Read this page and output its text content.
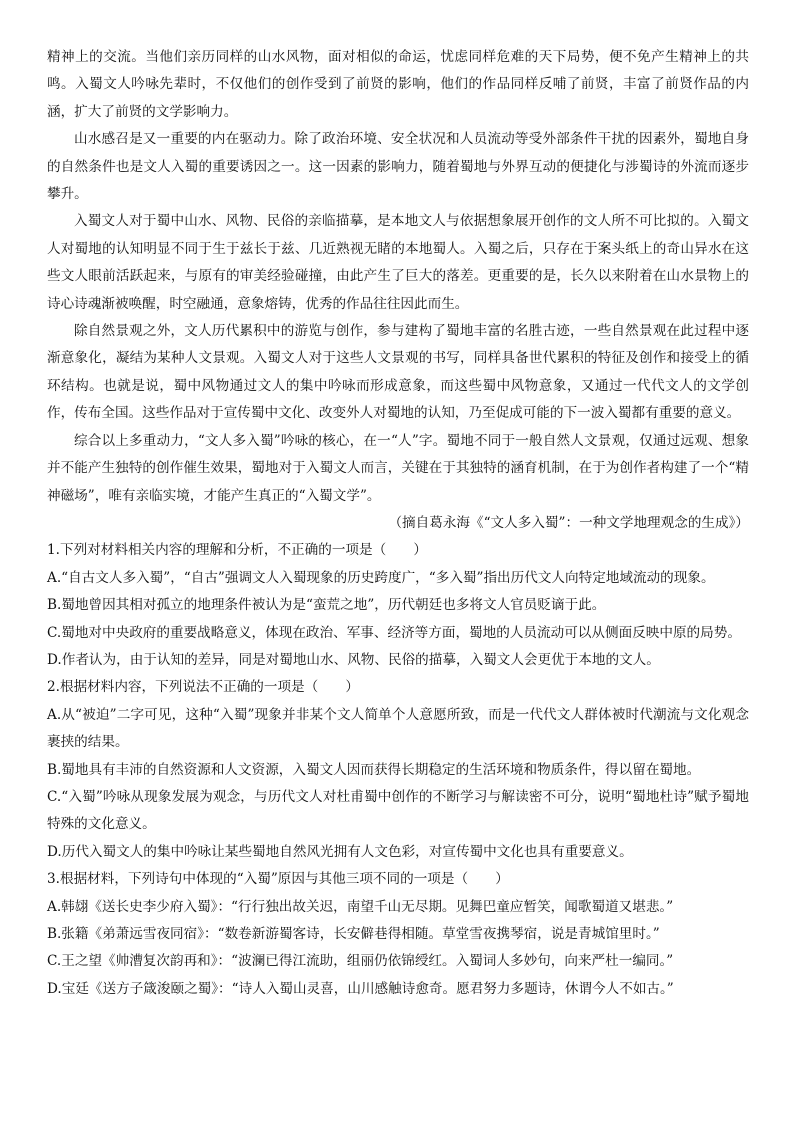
精神上的交流。当他们亲历同样的山水风物，面对相似的命运，忧虑同样危难的天下局势，便不免产生精神上的共鸣。入蜀文人吟咏先辈时，不仅他们的创作受到了前贤的影响，他们的作品同样反哺了前贤，丰富了前贤作品的内涵，扩大了前贤的文学影响力。

山水感召是又一重要的内在驱动力。除了政治环境、安全状况和人员流动等受外部条件干扰的因素外，蜀地自身的自然条件也是文人入蜀的重要诱因之一。这一因素的影响力，随着蜀地与外界互动的便捷化与涉蜀诗的外流而逐步攀升。

入蜀文人对于蜀中山水、风物、民俗的亲临描摹，是本地文人与依据想象展开创作的文人所不可比拟的。入蜀文人对蜀地的认知明显不同于生于兹长于兹、几近熟视无睹的本地蜀人。入蜀之后，只存在于案头纸上的奇山异水在这些文人眼前活跃起来，与原有的审美经验碰撞，由此产生了巨大的落差。更重要的是，长久以来附着在山水景物上的诗心诗魂渐被唤醒，时空融通，意象熔铸，优秀的作品往往因此而生。

除自然景观之外，文人历代累积中的游览与创作，参与建构了蜀地丰富的名胜古迹，一些自然景观在此过程中逐渐意象化，凝结为某种人文景观。入蜀文人对于这些人文景观的书写，同样具备世代累积的特征及创作和接受上的循环结构。也就是说，蜀中风物通过文人的集中吟咏而形成意象，而这些蜀中风物意象，又通过一代代文人的文学创作，传布全国。这些作品对于宣传蜀中文化、改变外人对蜀地的认知，乃至促成可能的下一波入蜀都有重要的意义。

综合以上多重动力，“文人多入蜀”吟咏的核心，在一“人”字。蜀地不同于一般自然人文景观，仅通过远观、想象并不能产生独特的创作催生效果，蜀地对于入蜀文人而言，关键在于其独特的涵育机制，在于为创作者构建了一个“精神磁场”，唯有亲临实境，才能产生真正的“入蜀文学”。

（摘自葛永海《“文人多入蜀”：一种文学地理观念的生成》）

1.下列对材料相关内容的理解和分析，不正确的一项是（　　）

A.“自古文人多入蜀”，“自古”强调文人入蜀现象的历史跨度广，“多入蜀”指出历代文人向特定地域流动的现象。

B.蜀地曾因其相对孤立的地理条件被认为是“蛮荒之地”，历代朝廷也多将文人官员贬谪于此。

C.蜀地对中央政府的重要战略意义，体现在政治、军事、经济等方面，蜀地的人员流动可以从侧面反映中原的局势。

D.作者认为，由于认知的差异，同是对蜀地山水、风物、民俗的描摹，入蜀文人会更优于本地的文人。

2.根据材料内容，下列说法不正确的一项是（　　）

A.从“被迫”二字可见，这种“入蜀”现象并非某个文人简单个人意愿所致，而是一代代文人群体被时代潮流与文化观念裹挟的结果。

B.蜀地具有丰沛的自然资源和人文资源，入蜀文人因而获得长期稳定的生活环境和物质条件，得以留在蜀地。

C.“入蜀”吟咏从现象发展为观念，与历代文人对杜甫蜀中创作的不断学习与解读密不可分，说明“蜀地杜诗”赋予蜀地特殊的文化意义。

D.历代入蜀文人的集中吟咏让某些蜀地自然风光拥有人文色彩，对宣传蜀中文化也具有重要意义。

3.根据材料，下列诗句中体现的“入蜀”原因与其他三项不同的一项是（　　）

A.韩翃《送长史李少府入蜀》：“行行独出故关迟，南望千山无尽期。见舞巴童应暂笑，闻歌蜀道又堪悲。”

B.张籍《弟萧远雪夜同宿》：“数卷新游蜀客诗，长安僻巷得相随。草堂雪夜携琴宿，说是青城馆里时。”

C.王之望《帅漕复次韵再和》：“波澜已得江流助，组丽仍依锦绶红。入蜀词人多妙句，向来严杜一编同。”

D.宝廷《送方子箴浚颐之蜀》：“诗人入蜀山灵喜，山川感触诗愈奇。愿君努力多题诗，休谓今人不如古。”
